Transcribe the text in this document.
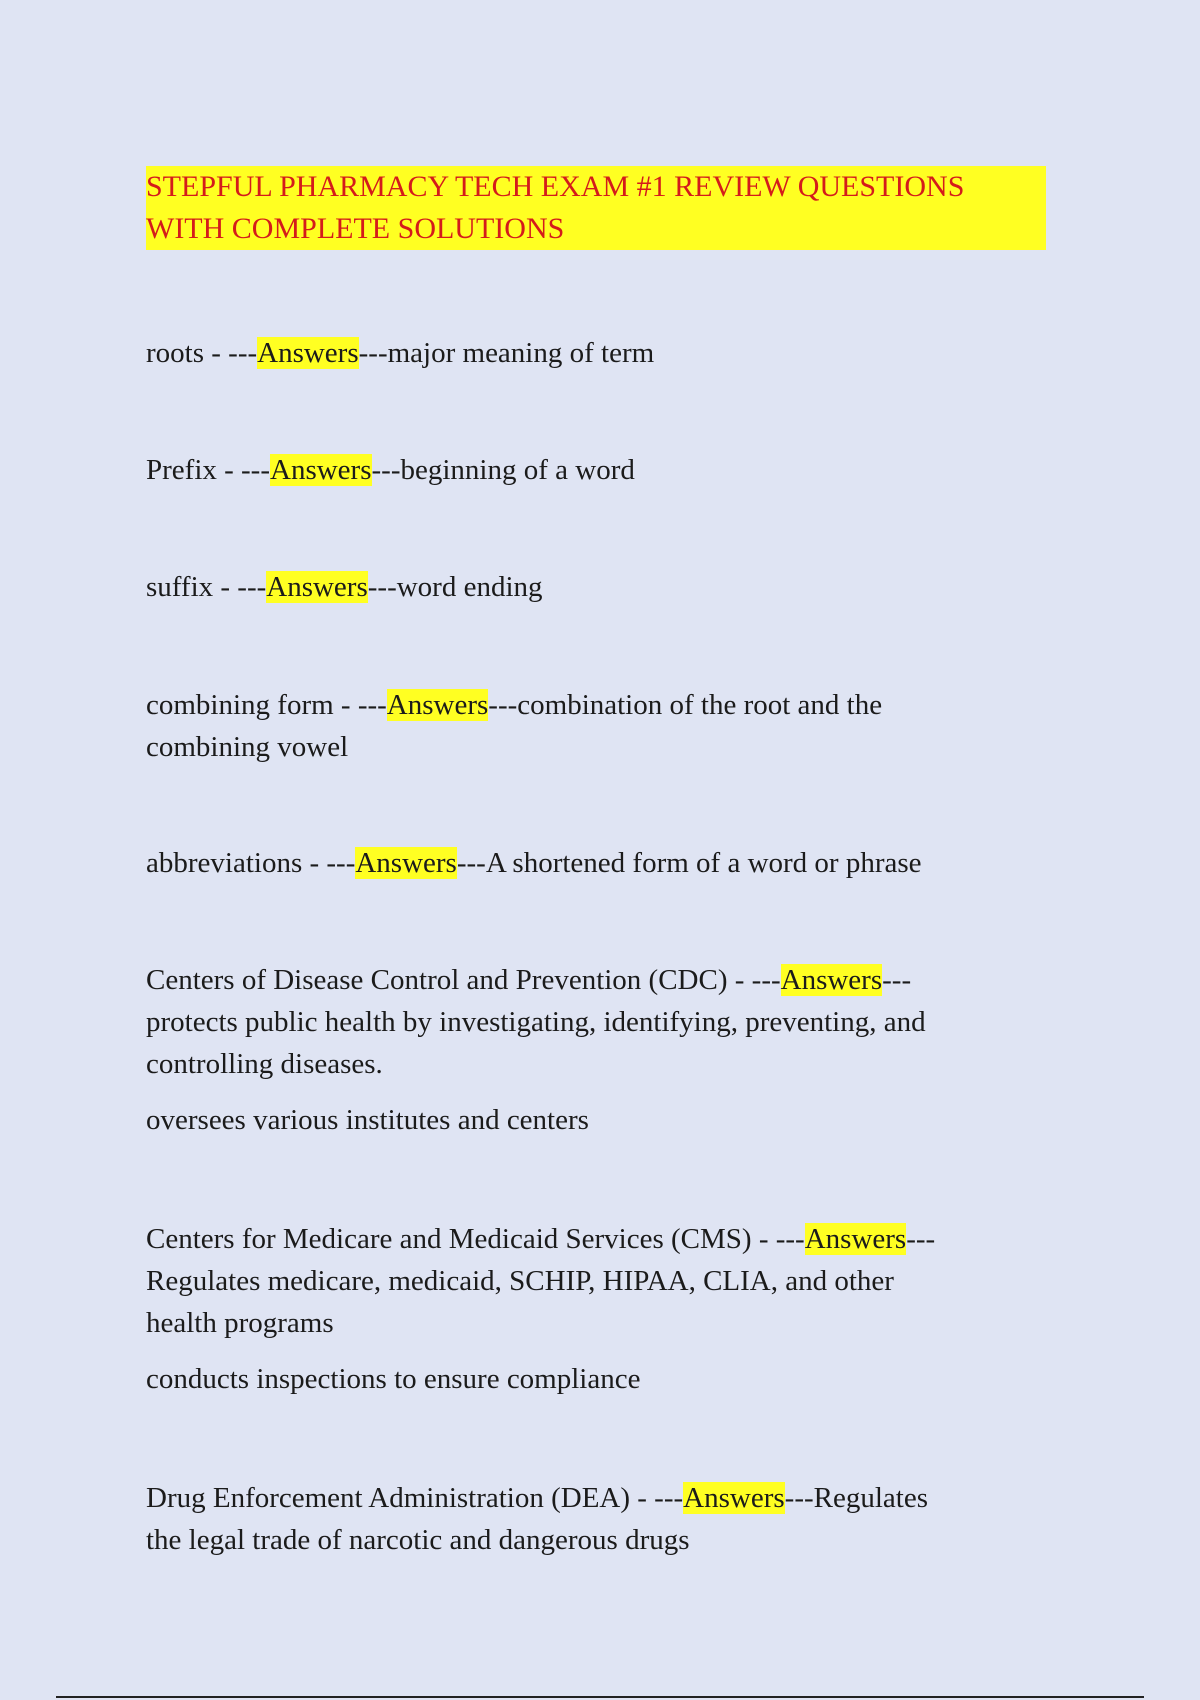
STEPFUL PHARMACY TECH EXAM #1 REVIEW QUESTIONS
WITH COMPLETE SOLUTIONS
roots - ---Answers---major meaning of term
Prefix - ---Answers---beginning of a word
suffix - ---Answers---word ending
combining form - ---Answers---combination of the root and the
combining vowel
abbreviations - ---Answers---A shortened form of a word or phrase
Centers of Disease Control and Prevention (CDC) - ---Answers---
protects public health by investigating, identifying, preventing, and
controlling diseases.
oversees various institutes and centers
Centers for Medicare and Medicaid Services (CMS) - ---Answers---
Regulates medicare, medicaid, SCHIP, HIPAA, CLIA, and other
health programs
conducts inspections to ensure compliance
Drug Enforcement Administration (DEA) - ---Answers---Regulates
the legal trade of narcotic and dangerous drugs
